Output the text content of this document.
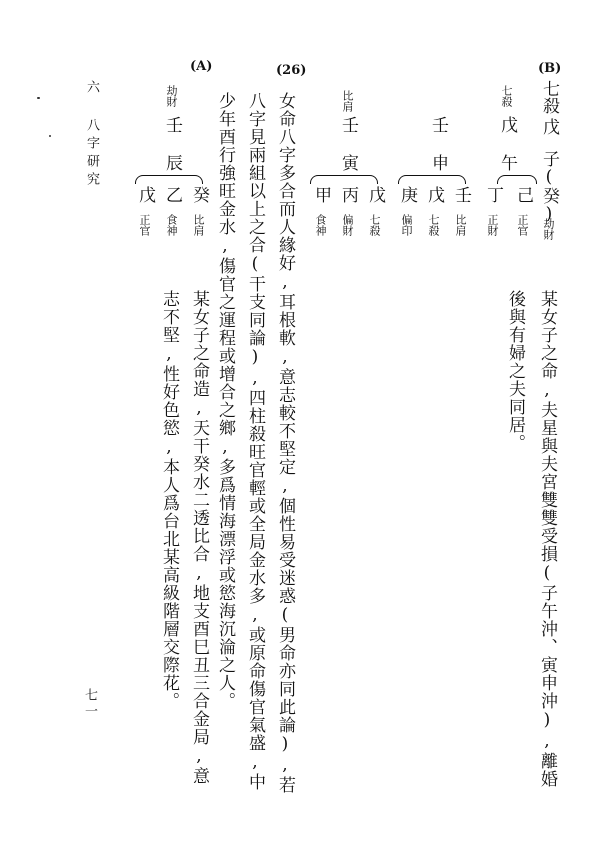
六 八字研究
七一
(B)
七殺
戊
子(癸)
劫財
某女子之命,夫星與夫宮雙雙受損(子午沖、寅申沖),離婚
後與有婦之夫同居。
七殺
戊
午
丁 己
正財 正官
壬
申
庚 戊 壬
偏印 七殺 比肩
比肩
壬
寅
甲 丙 戊
食神 偏財 七殺
(26)
女命八字多合而人緣好,耳根軟,意志較不堅定,個性易受迷惑(男命亦同此論),若
八字見兩組以上之合(干支同論),四柱殺旺官輕或全局金水多,或原命傷官氣盛,中
少年酉行強旺金水,傷官之運程或增合之鄉,多爲情海漂浮或慾海沉淪之人。
(A)
劫財
壬
辰
癸
乙
戊
比肩
食神
正官
某女子之命造,天干癸水二透比合,地支酉巳丑三合金局,意
志不堅,性好色慾,本人爲台北某高級階層交際花。
